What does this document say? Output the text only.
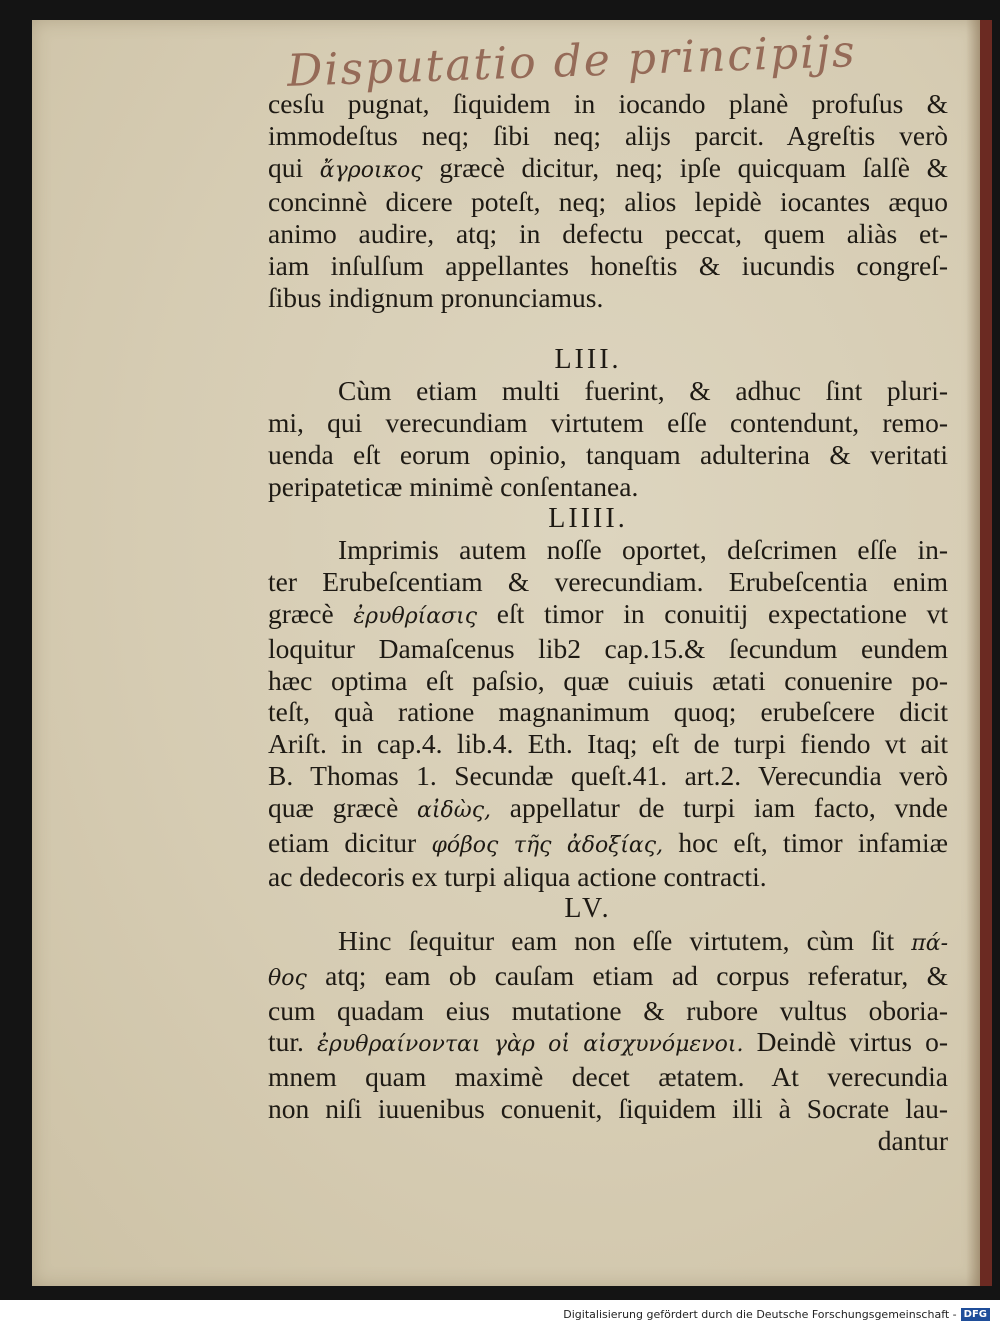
Disputatio de principijs
cesſu pugnat, ſiquidem in iocando planè profuſus &
immodeſtus neq; ſibi neq; alijs parcit. Agreſtis verò
qui ἄγροικος græcè dicitur, neq; ipſe quicquam ſalſè &
concinnè dicere poteſt, neq; alios lepidè iocantes æquo
animo audire, atq; in defectu peccat, quem aliàs et-
iam inſulſum appellantes honeſtis & iucundis congreſ-
ſibus indignum pronunciamus.
LIII.
Cùm etiam multi fuerint, & adhuc ſint pluri-
mi, qui verecundiam virtutem eſſe contendunt, remo-
uenda eſt eorum opinio, tanquam adulterina & veritati
peripateticæ minimè conſentanea.
LIIII.
Imprimis autem noſſe oportet, deſcrimen eſſe in-
ter Erubeſcentiam & verecundiam. Erubeſcentia enim
græcè ἐρυθρίασις eſt timor in conuitij expectatione vt
loquitur Damaſcenus lib2 cap.15.& ſecundum eundem
hæc optima eſt paſsio, quæ cuiuis ætati conuenire po-
teſt, quà ratione magnanimum quoq; erubeſcere dicit
Ariſt. in cap.4. lib.4. Eth. Itaq; eſt de turpi fiendo vt ait
B. Thomas 1. Secundæ queſt.41. art.2. Verecundia verò
quæ græcè αἰδὼς, appellatur de turpi iam facto, vnde
etiam dicitur φόβος τῆς ἀδοξίας, hoc eſt, timor infamiæ
ac dedecoris ex turpi aliqua actione contracti.
LV.
Hinc ſequitur eam non eſſe virtutem, cùm ſit πά-
θος atq; eam ob cauſam etiam ad corpus referatur, &
cum quadam eius mutatione & rubore vultus oboria-
tur. ἐρυθραίνονται γὰρ οἱ αἰσχυνόμενοι. Deindè virtus o-
mnem quam maximè decet ætatem. At verecundia
non niſi iuuenibus conuenit, ſiquidem illi à Socrate lau-
dantur
Digitalisierung gefördert durch die Deutsche Forschungsgemeinschaft - DFG
